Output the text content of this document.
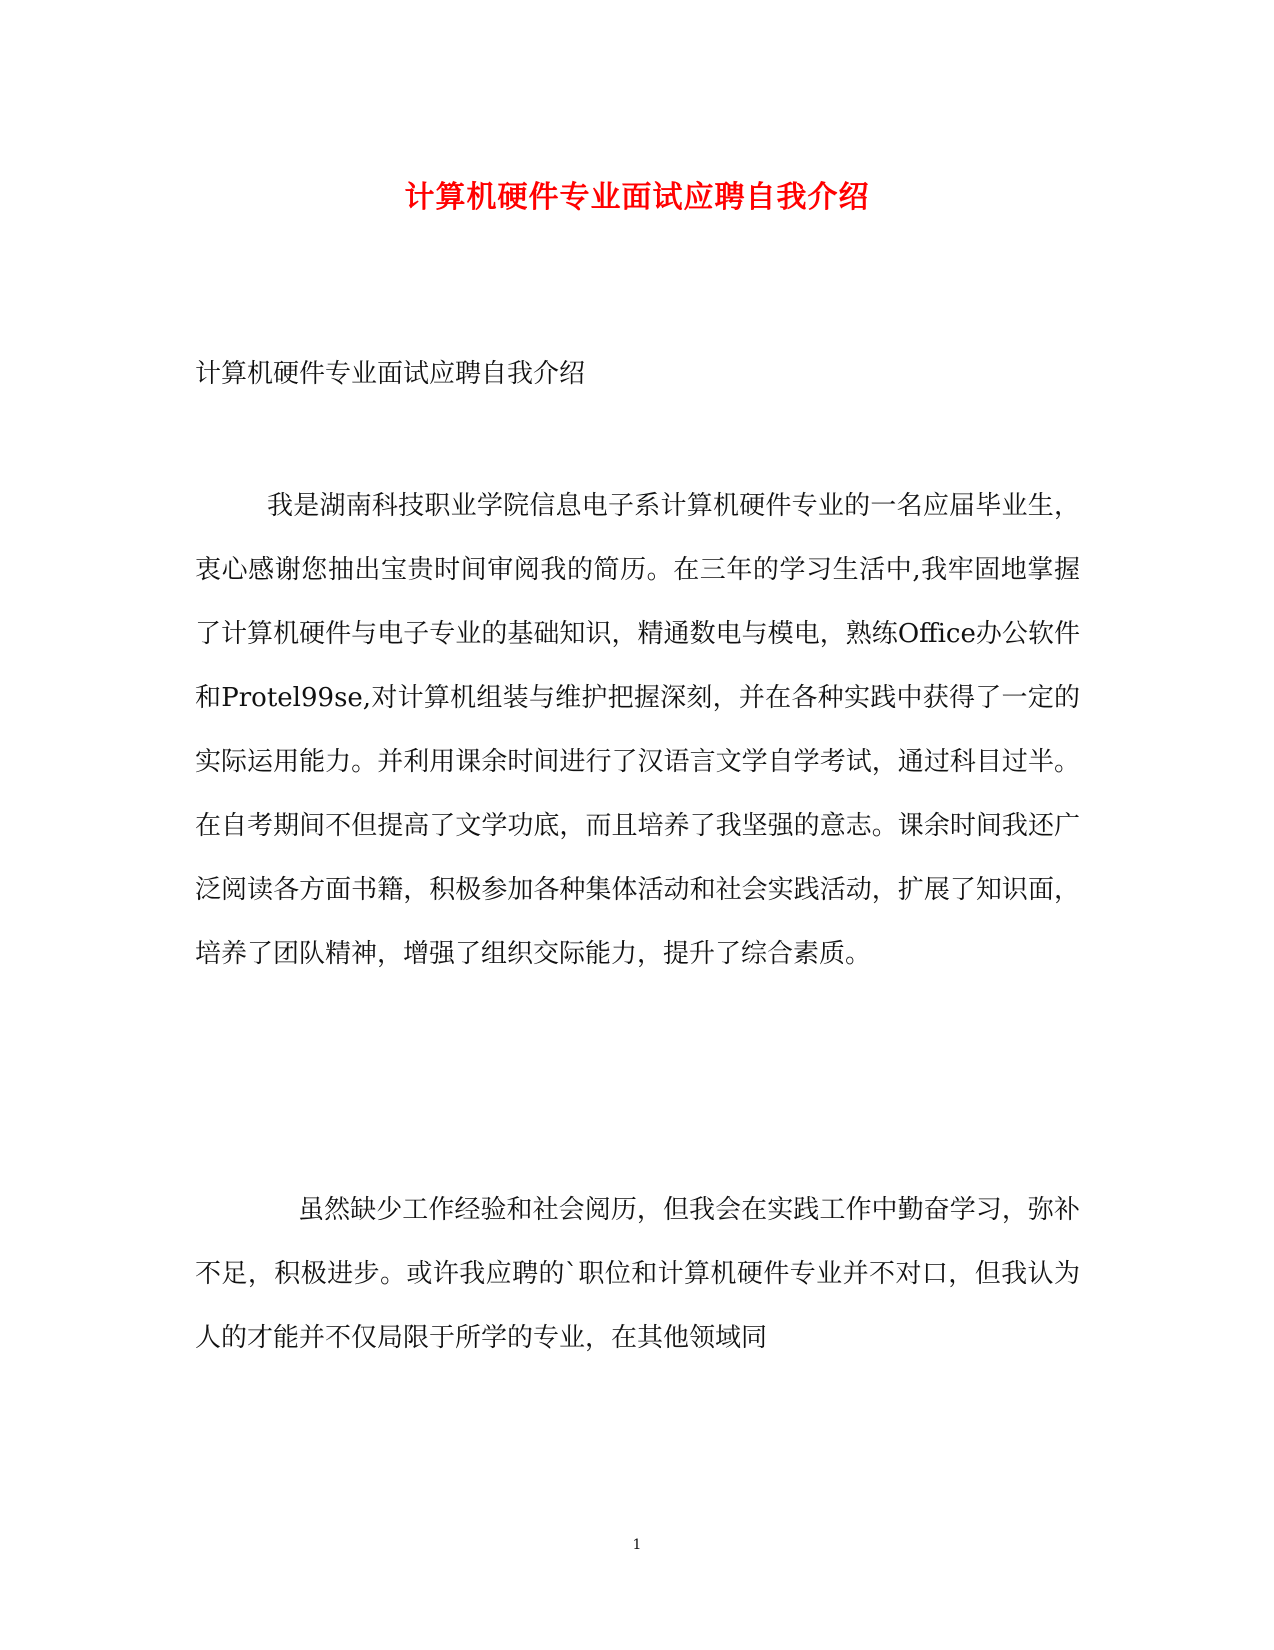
计算机硬件专业面试应聘自我介绍
计算机硬件专业面试应聘自我介绍

我是湖南科技职业学院信息电子系计算机硬件专业的一名应届毕业生，衷心感谢您抽出宝贵时间审阅我的简历。在三年的学习生活中,我牢固地掌握了计算机硬件与电子专业的基础知识，精通数电与模电，熟练Office办公软件和Protel99se,对计算机组装与维护把握深刻，并在各种实践中获得了一定的实际运用能力。并利用课余时间进行了汉语言文学自学考试，通过科目过半。在自考期间不但提高了文学功底，而且培养了我坚强的意志。课余时间我还广泛阅读各方面书籍，积极参加各种集体活动和社会实践活动，扩展了知识面，培养了团队精神，增强了组织交际能力，提升了综合素质。

虽然缺少工作经验和社会阅历，但我会在实践工作中勤奋学习，弥补不足，积极进步。或许我应聘的`职位和计算机硬件专业并不对口，但我认为人的才能并不仅局限于所学的专业，在其他领域同

1
